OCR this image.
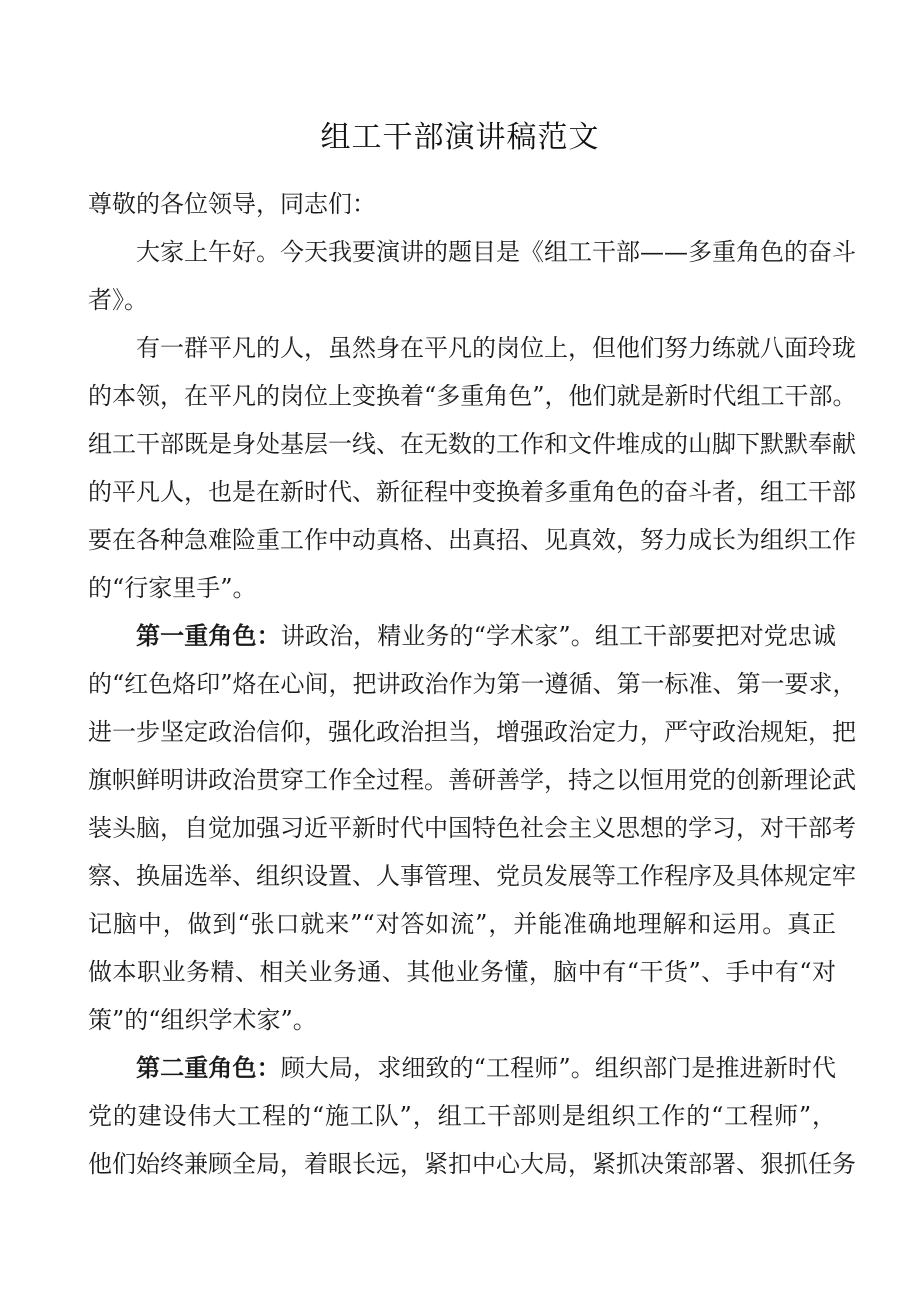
组工干部演讲稿范文
尊敬的各位领导，同志们：
大家上午好。今天我要演讲的题目是《组工干部——多重角色的奋斗
者》。
有一群平凡的人，虽然身在平凡的岗位上，但他们努力练就八面玲珑
的本领，在平凡的岗位上变换着“多重角色”，他们就是新时代组工干部。
组工干部既是身处基层一线、在无数的工作和文件堆成的山脚下默默奉献
的平凡人，也是在新时代、新征程中变换着多重角色的奋斗者，组工干部
要在各种急难险重工作中动真格、出真招、见真效，努力成长为组织工作
的“行家里手”。
第一重角色：讲政治，精业务的“学术家”。组工干部要把对党忠诚
的“红色烙印”烙在心间，把讲政治作为第一遵循、第一标准、第一要求，
进一步坚定政治信仰，强化政治担当，增强政治定力，严守政治规矩，把
旗帜鲜明讲政治贯穿工作全过程。善研善学，持之以恒用党的创新理论武
装头脑，自觉加强习近平新时代中国特色社会主义思想的学习，对干部考
察、换届选举、组织设置、人事管理、党员发展等工作程序及具体规定牢
记脑中，做到“张口就来”“对答如流”，并能准确地理解和运用。真正
做本职业务精、相关业务通、其他业务懂，脑中有“干货”、手中有“对
策”的“组织学术家”。
第二重角色：顾大局，求细致的“工程师”。组织部门是推进新时代
党的建设伟大工程的“施工队”，组工干部则是组织工作的“工程师”，
他们始终兼顾全局，着眼长远，紧扣中心大局，紧抓决策部署、狠抓任务
